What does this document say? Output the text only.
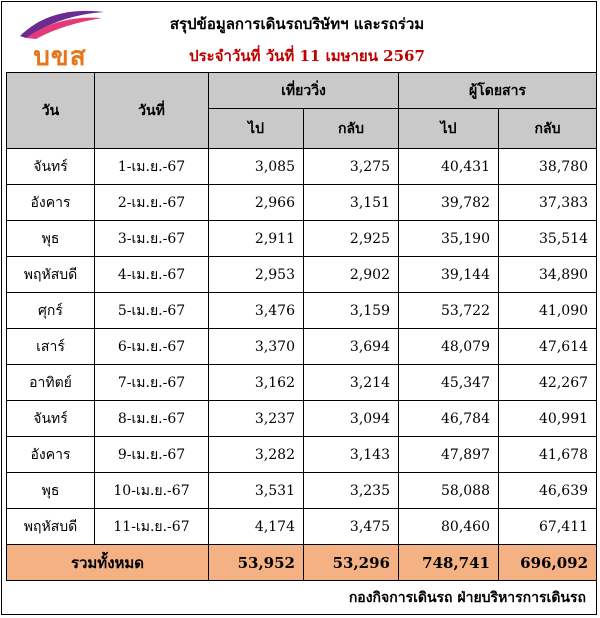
บขส
สรุปข้อมูลการเดินรถบริษัทฯ และรถร่วม
ประจำวันที่ วันที่ 11 เมษายน 2567
วัน	วันที่	เที่ยววิ่ง		ผู้โดยสาร	
		ไป	กลับ	ไป	กลับ
จันทร์	1-เม.ย.-67	3,085	3,275	40,431	38,780
อังคาร	2-เม.ย.-67	2,966	3,151	39,782	37,383
พุธ	3-เม.ย.-67	2,911	2,925	35,190	35,514
พฤหัสบดี	4-เม.ย.-67	2,953	2,902	39,144	34,890
ศุกร์	5-เม.ย.-67	3,476	3,159	53,722	41,090
เสาร์	6-เม.ย.-67	3,370	3,694	48,079	47,614
อาทิตย์	7-เม.ย.-67	3,162	3,214	45,347	42,267
จันทร์	8-เม.ย.-67	3,237	3,094	46,784	40,991
อังคาร	9-เม.ย.-67	3,282	3,143	47,897	41,678
พุธ	10-เม.ย.-67	3,531	3,235	58,088	46,639
พฤหัสบดี	11-เม.ย.-67	4,174	3,475	80,460	67,411
รวมทั้งหมด		53,952	53,296	748,741	696,092
กองกิจการเดินรถ ฝ่ายบริหารการเดินรถ
